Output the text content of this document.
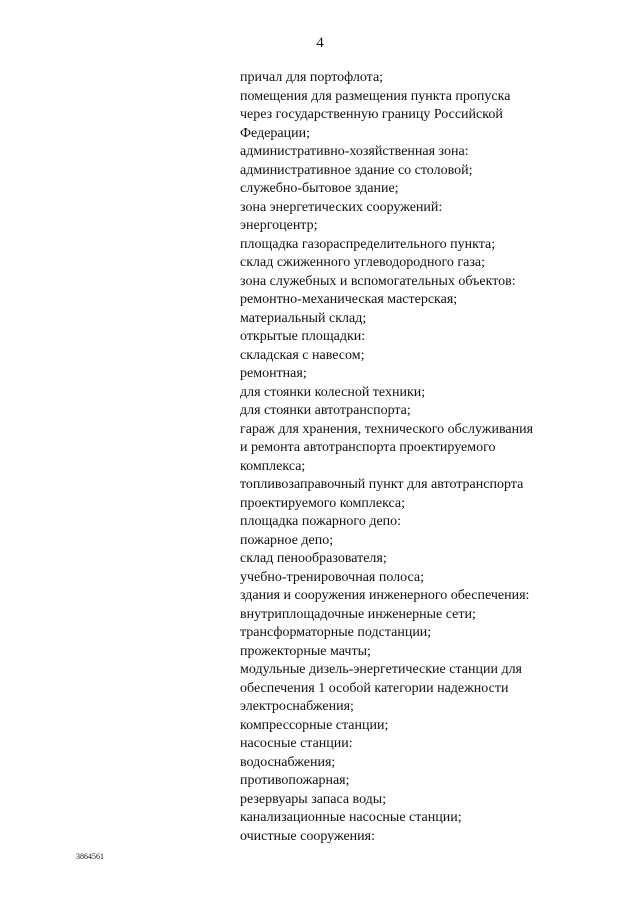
4
причал для портофлота;
помещения для размещения пункта пропуска
через государственную границу Российской
Федерации;
административно-хозяйственная зона:
административное здание со столовой;
служебно-бытовое здание;
зона энергетических сооружений:
энергоцентр;
площадка газораспределительного пункта;
склад сжиженного углеводородного газа;
зона служебных и вспомогательных объектов:
ремонтно-механическая мастерская;
материальный склад;
открытые площадки:
складская с навесом;
ремонтная;
для стоянки колесной техники;
для стоянки автотранспорта;
гараж для хранения, технического обслуживания
и ремонта автотранспорта проектируемого
комплекса;
топливозаправочный пункт для автотранспорта
проектируемого комплекса;
площадка пожарного депо:
пожарное депо;
склад пенообразователя;
учебно-тренировочная полоса;
здания и сооружения инженерного обеспечения:
внутриплощадочные инженерные сети;
трансформаторные подстанции;
прожекторные мачты;
модульные дизель-энергетические станции для
обеспечения 1 особой категории надежности
электроснабжения;
компрессорные станции;
насосные станции:
водоснабжения;
противопожарная;
резервуары запаса воды;
канализационные насосные станции;
очистные сооружения:
3864561
